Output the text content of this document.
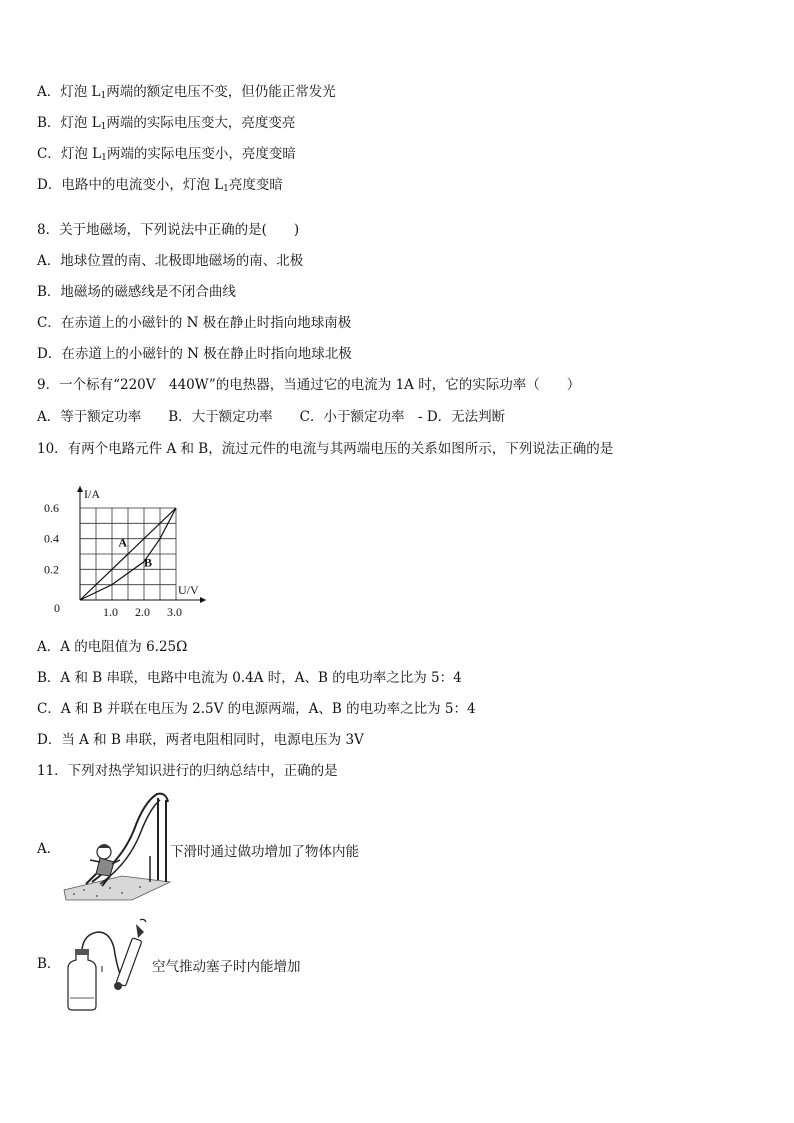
A．灯泡 $L_1$两端的额定电压不变，但仍能正常发光
B．灯泡 $L_1$两端的实际电压变大，亮度变亮
C．灯泡 $L_1$两端的实际电压变小，亮度变暗
D．电路中的电流变小，灯泡 $L_1$亮度变暗
8．关于地磁场，下列说法中正确的是(　　)
A．地球位置的南、北极即地磁场的南、北极
B．地磁场的磁感线是不闭合曲线
C．在赤道上的小磁针的 N 极在静止时指向地球南极
D．在赤道上的小磁针的 N 极在静止时指向地球北极
9．一个标有“220V　440W”的电热器，当通过它的电流为 1A 时，它的实际功率（　　）
A．等于额定功率　　B．大于额定功率　　C．小于额定功率　- D．无法判断
10．有两个电路元件 A 和 B，流过元件的电流与其两端电压的关系如图所示，下列说法正确的是
A
B
1.0 2.0 3.0
0.2
0.4
0.6
0
U/V
I/A
A．A 的电阻值为 6.25Ω
B．A 和 B 串联，电路中电流为 0.4A 时，A、B 的电功率之比为 5：4
C．A 和 B 并联在电压为 2.5V 的电源两端，A、B 的电功率之比为 5：4
D．当 A 和 B 串联，两者电阻相同时，电源电压为 3V
11．下列对热学知识进行的归纳总结中，正确的是
A．	下滑时通过做功增加了物体内能
B．	空气推动塞子时内能增加
